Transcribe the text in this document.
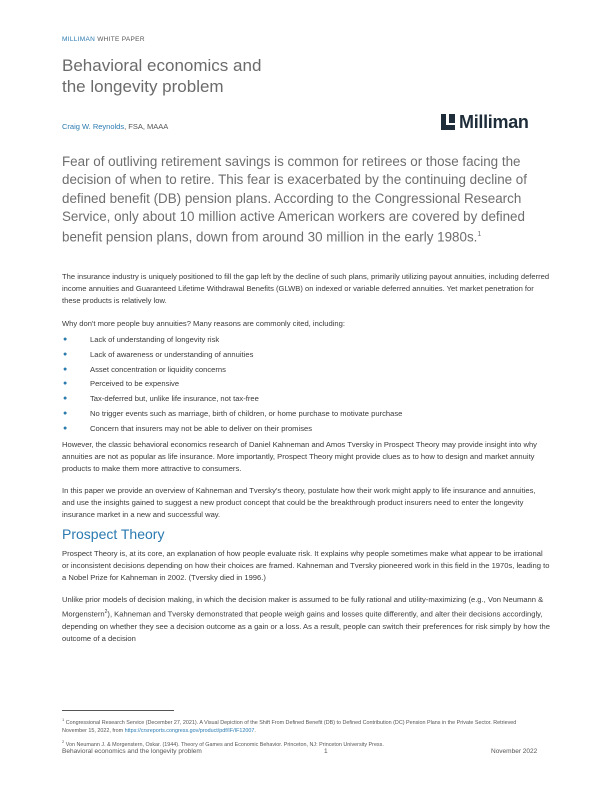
MILLIMAN WHITE PAPER
Behavioral economics and
the longevity problem
Craig W. Reynolds, FSA, MAAA	Milliman

Fear of outliving retirement savings is common for retirees or those facing the decision of when to retire. This fear is exacerbated by the continuing decline of defined benefit (DB) pension plans. According to the Congressional Research Service, only about 10 million active American workers are covered by defined benefit pension plans, down from around 30 million in the early 1980s.$^1$

The insurance industry is uniquely positioned to fill the gap left by the decline of such plans, primarily utilizing payout annuities, including deferred income annuities and Guaranteed Lifetime Withdrawal Benefits (GLWB) on indexed or variable deferred annuities. Yet market penetration for these products is relatively low.

Why don't more people buy annuities? Many reasons are commonly cited, including:

●	Lack of understanding of longevity risk
●	Lack of awareness or understanding of annuities
●	Asset concentration or liquidity concerns
●	Perceived to be expensive
●	Tax-deferred but, unlike life insurance, not tax-free
●	No trigger events such as marriage, birth of children, or home purchase to motivate purchase
●	Concern that insurers may not be able to deliver on their promises

However, the classic behavioral economics research of Daniel Kahneman and Amos Tversky in Prospect Theory may provide insight into why annuities are not as popular as life insurance. More importantly, Prospect Theory might provide clues as to how to design and market annuity products to make them more attractive to consumers.

In this paper we provide an overview of Kahneman and Tversky's theory, postulate how their work might apply to life insurance and annuities, and use the insights gained to suggest a new product concept that could be the breakthrough product insurers need to enter the longevity insurance market in a new and successful way.

Prospect Theory

Prospect Theory is, at its core, an explanation of how people evaluate risk. It explains why people sometimes make what appear to be irrational or inconsistent decisions depending on how their choices are framed. Kahneman and Tversky pioneered work in this field in the 1970s, leading to a Nobel Prize for Kahneman in 2002. (Tversky died in 1996.)

Unlike prior models of decision making, in which the decision maker is assumed to be fully rational and utility-maximizing (e.g., Von Neumann & Morgenstern$^2$), Kahneman and Tversky demonstrated that people weigh gains and losses quite differently, and alter their decisions accordingly, depending on whether they see a decision outcome as a gain or a loss. As a result, people can switch their preferences for risk simply by how the outcome of a decision

$^1$ Congressional Research Service (December 27, 2021). A Visual Depiction of the Shift From Defined Benefit (DB) to Defined Contribution (DC) Pension Plans in the Private Sector. Retrieved November 15, 2022, from https://crsreports.congress.gov/product/pdf/IF/IF12007.

$^2$ Von Neumann J. & Morgenstern, Oskar. (1944). Theory of Games and Economic Behavior. Princeton, NJ: Princeton University Press.

Behavioral economics and the longevity problem	1	November 2022
